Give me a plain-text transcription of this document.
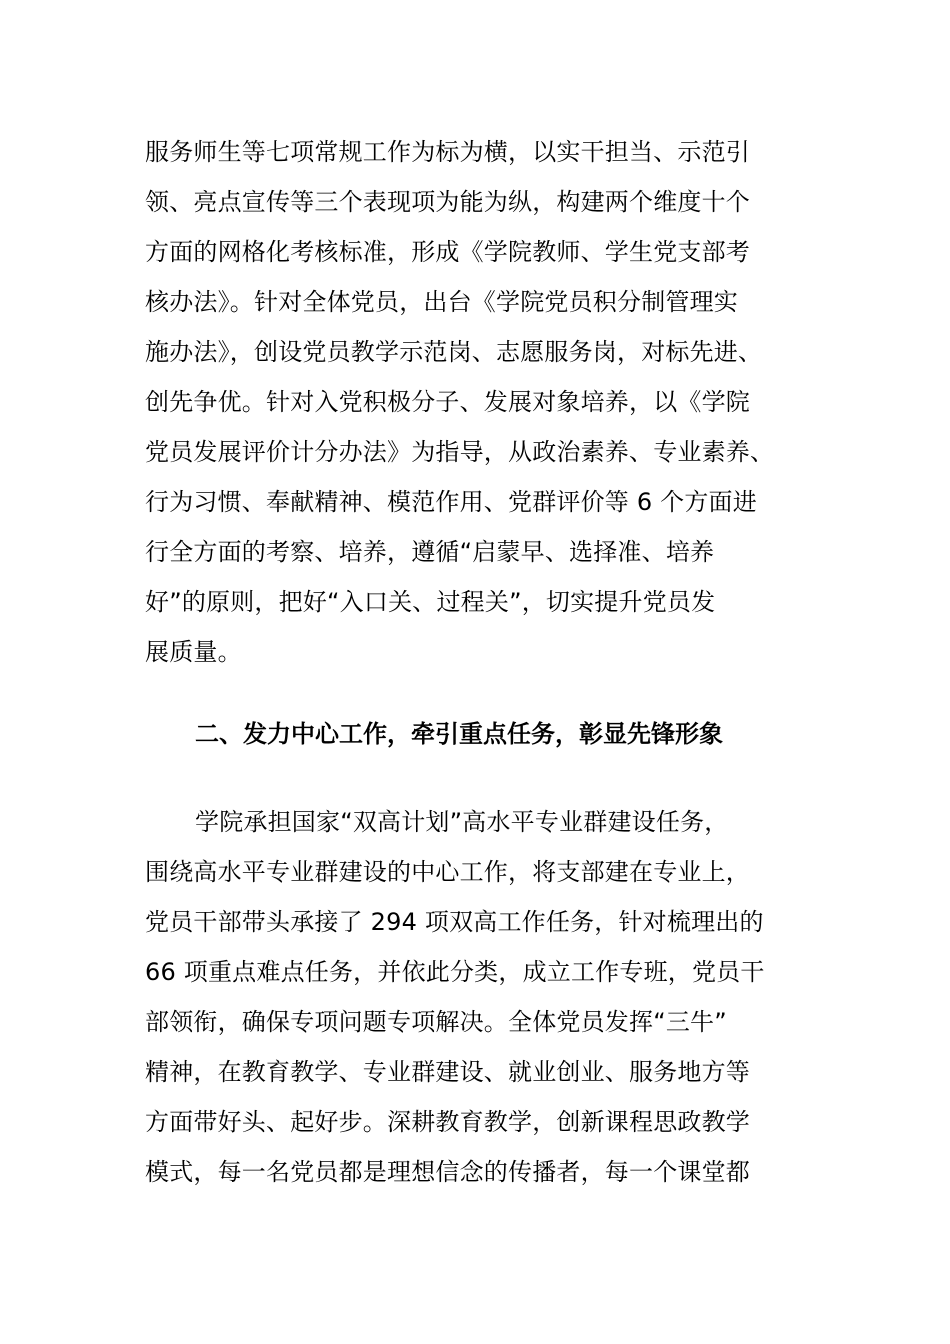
服务师生等七项常规工作为标为横，以实干担当、示范引
领、亮点宣传等三个表现项为能为纵，构建两个维度十个
方面的网格化考核标准，形成《学院教师、学生党支部考
核办法》。针对全体党员，出台《学院党员积分制管理实
施办法》，创设党员教学示范岗、志愿服务岗，对标先进、
创先争优。针对入党积极分子、发展对象培养，以《学院
党员发展评价计分办法》为指导，从政治素养、专业素养、
行为习惯、奉献精神、模范作用、党群评价等 6 个方面进
行全方面的考察、培养，遵循“启蒙早、选择准、培养
好”的原则，把好“入口关、过程关”，切实提升党员发
展质量。
二、发力中心工作，牵引重点任务，彰显先锋形象
学院承担国家“双高计划”高水平专业群建设任务，
围绕高水平专业群建设的中心工作，将支部建在专业上，
党员干部带头承接了 294 项双高工作任务，针对梳理出的
66 项重点难点任务，并依此分类，成立工作专班，党员干
部领衔，确保专项问题专项解决。全体党员发挥“三牛”
精神，在教育教学、专业群建设、就业创业、服务地方等
方面带好头、起好步。深耕教育教学，创新课程思政教学
模式，每一名党员都是理想信念的传播者，每一个课堂都
